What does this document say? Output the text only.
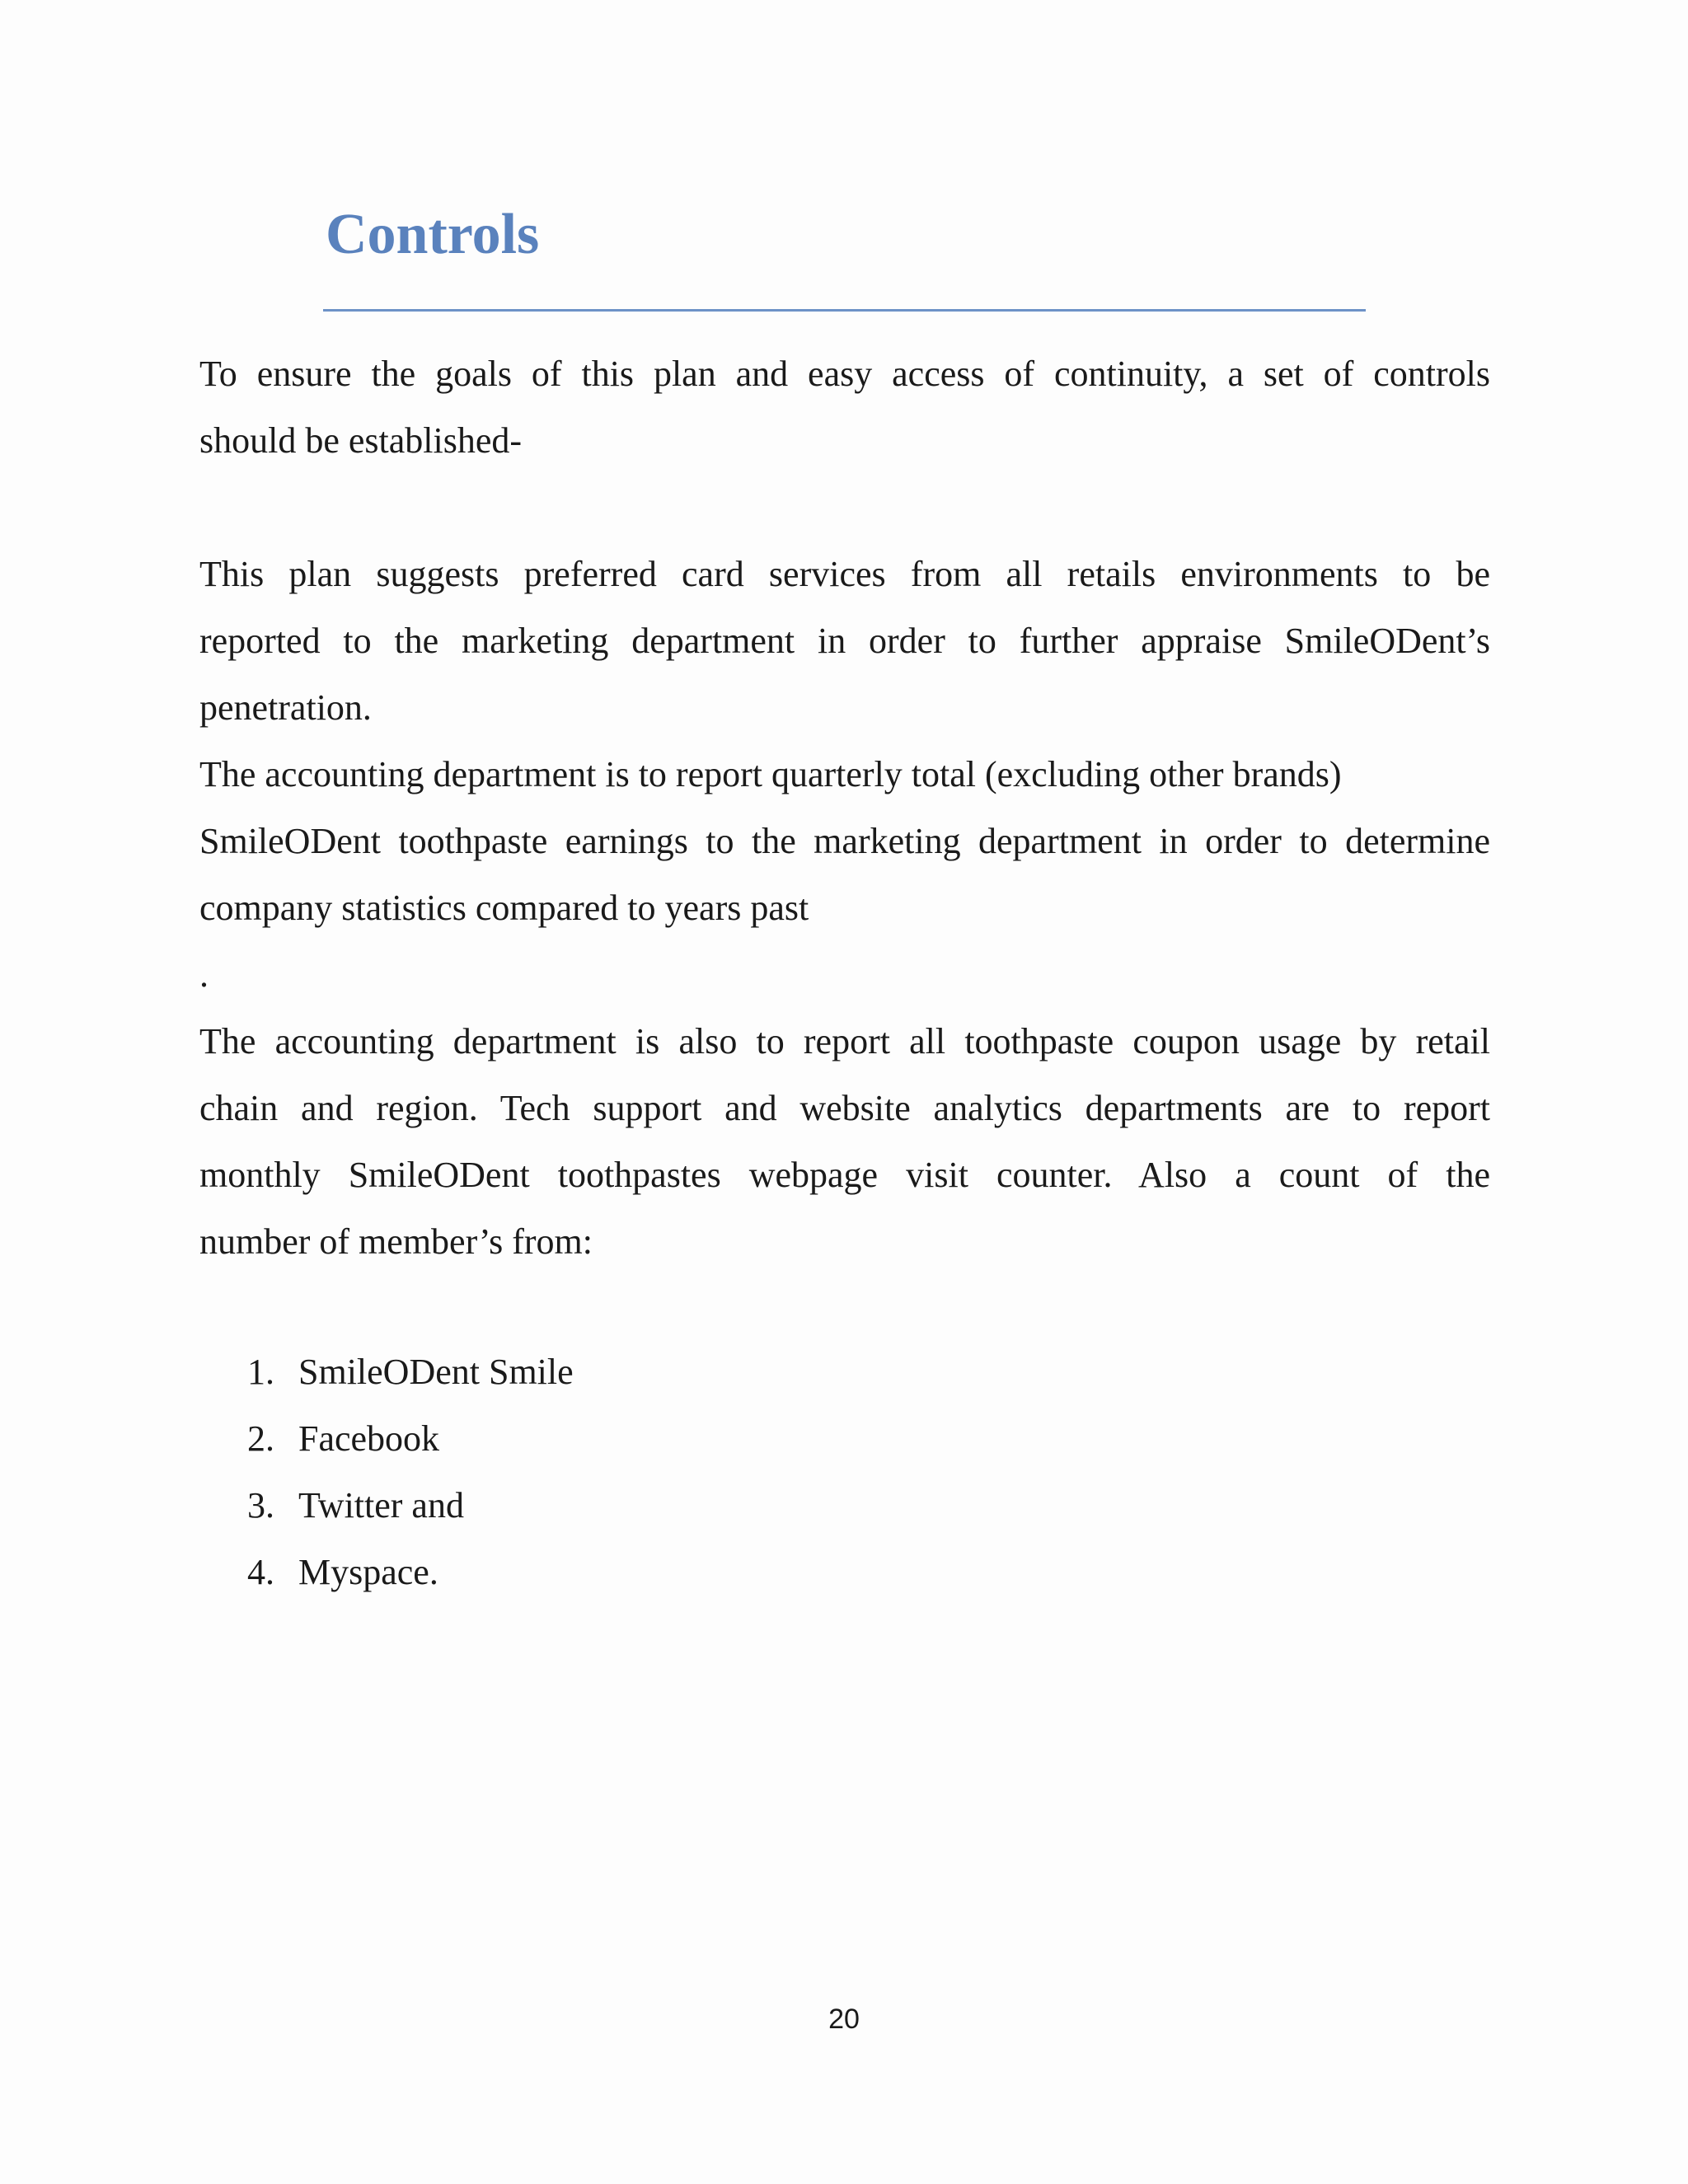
Controls
To ensure the goals of this plan and easy access of continuity, a set of controls
should be established-
This plan suggests preferred card services from all retails environments to be
reported to the marketing department in order to further appraise SmileODent’s
penetration.
The accounting department is to report quarterly total (excluding other brands)
SmileODent toothpaste earnings to the marketing department in order to determine
company statistics compared to years past
.
The accounting department is also to report all toothpaste coupon usage by retail
chain and region. Tech support and website analytics departments are to report
monthly SmileODent toothpastes webpage visit counter. Also a count of the
number of member’s from:
1. SmileODent Smile
2. Facebook
3. Twitter and
4. Myspace.
20
